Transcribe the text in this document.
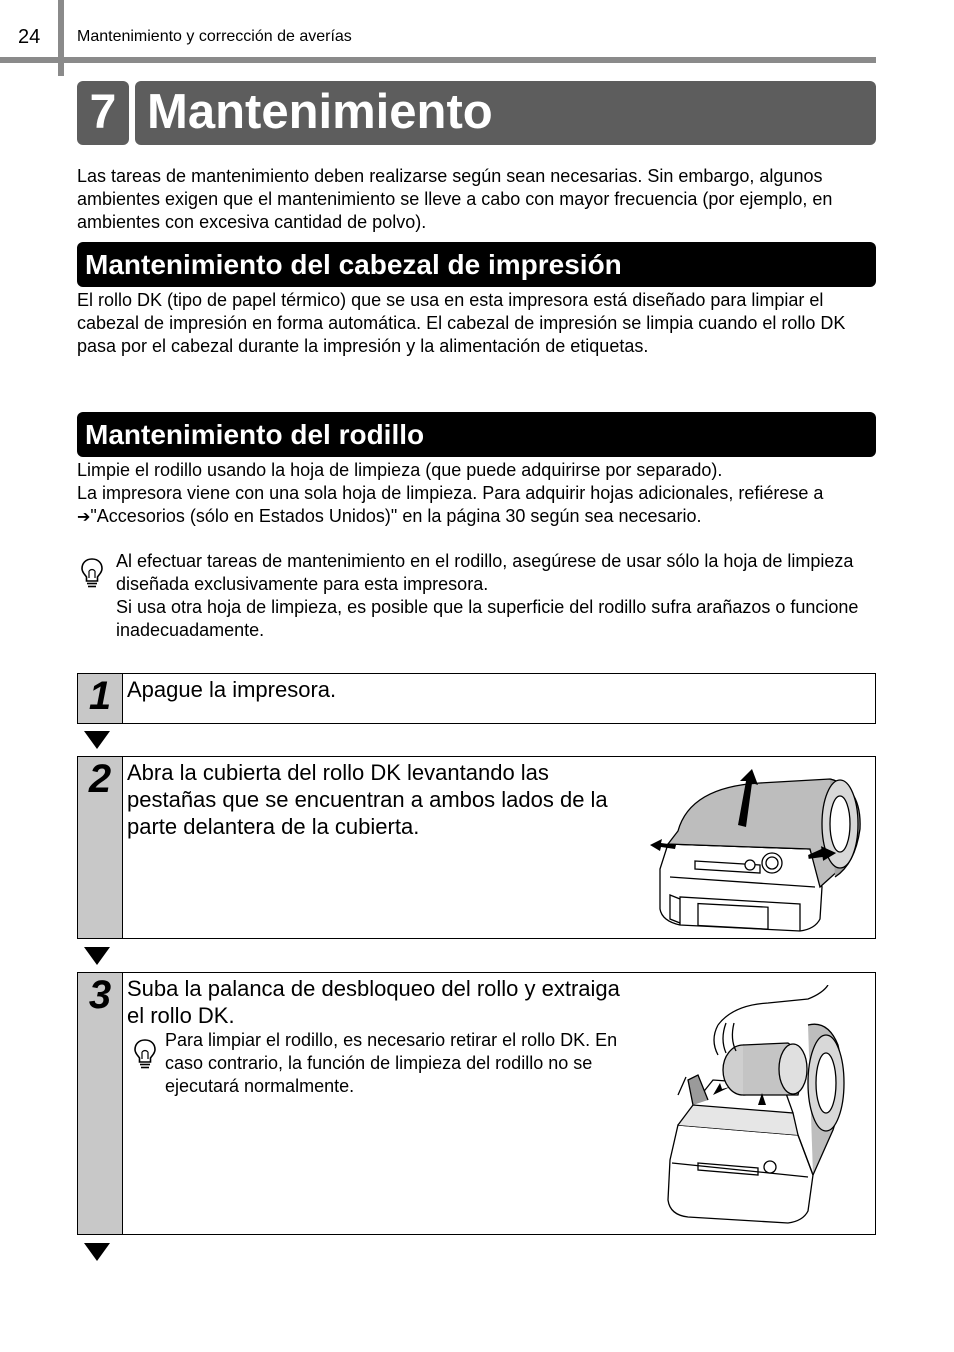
24 Mantenimiento y corrección de averías
7 Mantenimiento
Las tareas de mantenimiento deben realizarse según sean necesarias. Sin embargo, algunos ambientes exigen que el mantenimiento se lleve a cabo con mayor frecuencia (por ejemplo, en ambientes con excesiva cantidad de polvo).
Mantenimiento del cabezal de impresión
El rollo DK (tipo de papel térmico) que se usa en esta impresora está diseñado para limpiar el cabezal de impresión en forma automática. El cabezal de impresión se limpia cuando el rollo DK pasa por el cabezal durante la impresión y la alimentación de etiquetas.
Mantenimiento del rodillo
Limpie el rodillo usando la hoja de limpieza (que puede adquirirse por separado).
La impresora viene con una sola hoja de limpieza. Para adquirir hojas adicionales, refiérese a ➔"Accesorios (sólo en Estados Unidos)" en la página 30 según sea necesario.

Al efectuar tareas de mantenimiento en el rodillo, asegúrese de usar sólo la hoja de limpieza diseñada exclusivamente para esta impresora.

Si usa otra hoja de limpieza, es posible que la superficie del rodillo sufra arañazos o funcione inadecuadamente.

1 Apague la impresora.
2 Abra la cubierta del rollo DK levantando las pestañas que se encuentran a ambos lados de la parte delantera de la cubierta.
3 Suba la palanca de desbloqueo del rollo y extraiga el rollo DK.
Para limpiar el rodillo, es necesario retirar el rollo DK. En caso contrario, la función de limpieza del rodillo no se ejecutará normalmente.
